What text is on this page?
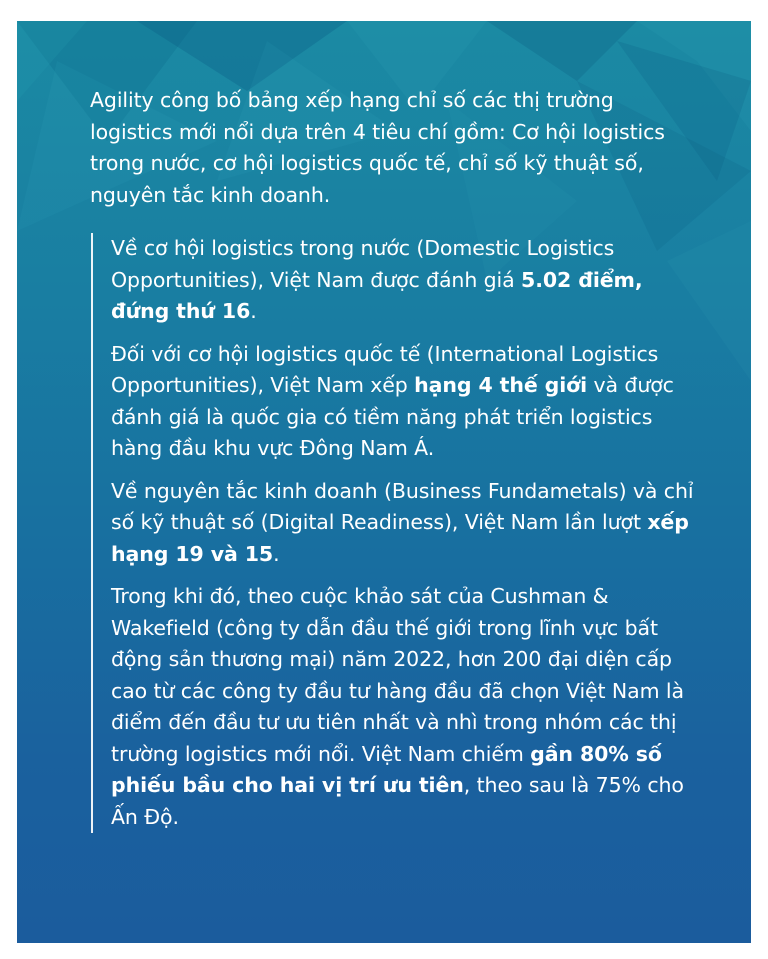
Agility công bố bảng xếp hạng chỉ số các thị trường logistics mới nổi dựa trên 4 tiêu chí gồm: Cơ hội logistics trong nước, cơ hội logistics quốc tế, chỉ số kỹ thuật số, nguyên tắc kinh doanh.

Về cơ hội logistics trong nước (Domestic Logistics Opportunities), Việt Nam được đánh giá 5.02 điểm, đứng thứ 16.

Đối với cơ hội logistics quốc tế (International Logistics Opportunities), Việt Nam xếp hạng 4 thế giới và được đánh giá là quốc gia có tiềm năng phát triển logistics hàng đầu khu vực Đông Nam Á.

Về nguyên tắc kinh doanh (Business Fundametals) và chỉ số kỹ thuật số (Digital Readiness), Việt Nam lần lượt xếp hạng 19 và 15.

Trong khi đó, theo cuộc khảo sát của Cushman & Wakefield (công ty dẫn đầu thế giới trong lĩnh vực bất động sản thương mại) năm 2022, hơn 200 đại diện cấp cao từ các công ty đầu tư hàng đầu đã chọn Việt Nam là điểm đến đầu tư ưu tiên nhất và nhì trong nhóm các thị trường logistics mới nổi. Việt Nam chiếm gần 80% số phiếu bầu cho hai vị trí ưu tiên, theo sau là 75% cho Ấn Độ.
